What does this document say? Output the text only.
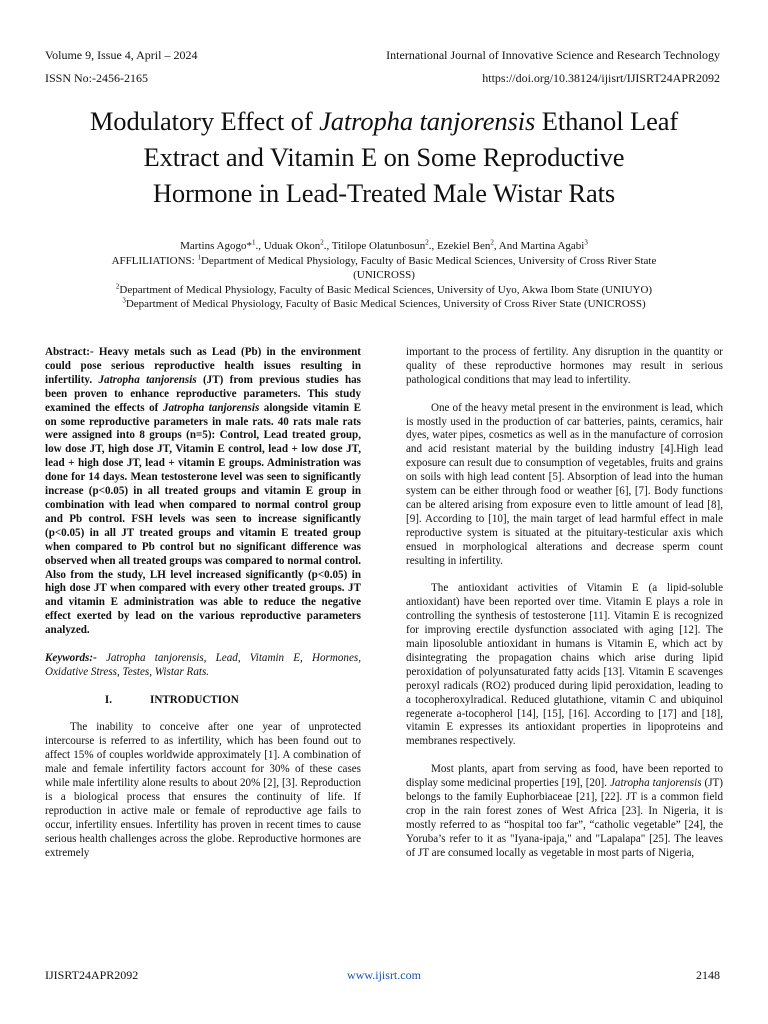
Volume 9, Issue 4, April – 2024
ISSN No:-2456-2165
International Journal of Innovative Science and Research Technology
https://doi.org/10.38124/ijisrt/IJISRT24APR2092
Modulatory Effect of Jatropha tanjorensis Ethanol Leaf
Extract and Vitamin E on Some Reproductive
Hormone in Lead-Treated Male Wistar Rats
Martins Agogo*$^1$., Uduak Okon$^2$., Titilope Olatunbosun$^2$., Ezekiel Ben$^2$, And Martina Agabi$^3$
AFFLILIATIONS: $^1$Department of Medical Physiology, Faculty of Basic Medical Sciences, University of Cross River State
(UNICROSS)
$^2$Department of Medical Physiology, Faculty of Basic Medical Sciences, University of Uyo, Akwa Ibom State (UNIUYO)
$^3$Department of Medical Physiology, Faculty of Basic Medical Sciences, University of Cross River State (UNICROSS)

Abstract:- Heavy metals such as Lead (Pb) in the environment could pose serious reproductive health issues resulting in infertility. Jatropha tanjorensis (JT) from previous studies has been proven to enhance reproductive parameters. This study examined the effects of Jatropha tanjorensis alongside vitamin E on some reproductive parameters in male rats. 40 rats male rats were assigned into 8 groups (n=5): Control, Lead treated group, low dose JT, high dose JT, Vitamin E control, lead + low dose JT, lead + high dose JT, lead + vitamin E groups. Administration was done for 14 days. Mean testosterone level was seen to significantly increase (p<0.05) in all treated groups and vitamin E group in combination with lead when compared to normal control group and Pb control. FSH levels was seen to increase significantly (p<0.05) in all JT treated groups and vitamin E treated group when compared to Pb control but no significant difference was observed when all treated groups was compared to normal control. Also from the study, LH level increased significantly (p<0.05) in high dose JT when compared with every other treated groups. JT and vitamin E administration was able to reduce the negative effect exerted by lead on the various reproductive parameters analyzed.

Keywords:- Jatropha tanjorensis, Lead, Vitamin E, Hormones, Oxidative Stress, Testes, Wistar Rats.

I.	INTRODUCTION

The inability to conceive after one year of unprotected intercourse is referred to as infertility, which has been found out to affect 15% of couples worldwide approximately [1]. A combination of male and female infertility factors account for 30% of these cases while male infertility alone results to about 20% [2], [3]. Reproduction is a biological process that ensures the continuity of life. If reproduction in active male or female of reproductive age fails to occur, infertility ensues. Infertility has proven in recent times to cause serious health challenges across the globe. Reproductive hormones are extremely

important to the process of fertility. Any disruption in the quantity or quality of these reproductive hormones may result in serious pathological conditions that may lead to infertility.

One of the heavy metal present in the environment is lead, which is mostly used in the production of car batteries, paints, ceramics, hair dyes, water pipes, cosmetics as well as in the manufacture of corrosion and acid resistant material by the building industry [4].High lead exposure can result due to consumption of vegetables, fruits and grains on soils with high lead content [5]. Absorption of lead into the human system can be either through food or weather [6], [7]. Body functions can be altered arising from exposure even to little amount of lead [8], [9]. According to [10], the main target of lead harmful effect in male reproductive system is situated at the pituitary-testicular axis which ensued in morphological alterations and decrease sperm count resulting in infertility.

The antioxidant activities of Vitamin E (a lipid-soluble antioxidant) have been reported over time. Vitamin E plays a role in controlling the synthesis of testosterone [11]. Vitamin E is recognized for improving erectile dysfunction associated with aging [12]. The main liposoluble antioxidant in humans is Vitamin E, which act by disintegrating the propagation chains which arise during lipid peroxidation of polyunsaturated fatty acids [13]. Vitamin E scavenges peroxyl radicals (RO2) produced during lipid peroxidation, leading to a tocopheroxylradical. Reduced glutathione, vitamin C and ubiquinol regenerate a-tocopherol [14], [15], [16]. According to [17] and [18], vitamin E expresses its antioxidant properties in lipoproteins and membranes respectively.

Most plants, apart from serving as food, have been reported to display some medicinal properties [19], [20]. Jatropha tanjorensis (JT) belongs to the family Euphorbiaceae [21], [22]. JT is a common field crop in the rain forest zones of West Africa [23]. In Nigeria, it is mostly referred to as “hospital too far”, “catholic vegetable” [24], the Yoruba’s refer to it as "Iyana-ipaja," and "Lapalapa" [25]. The leaves of JT are consumed locally as vegetable in most parts of Nigeria,

IJISRT24APR2092	www.ijisrt.com	2148
